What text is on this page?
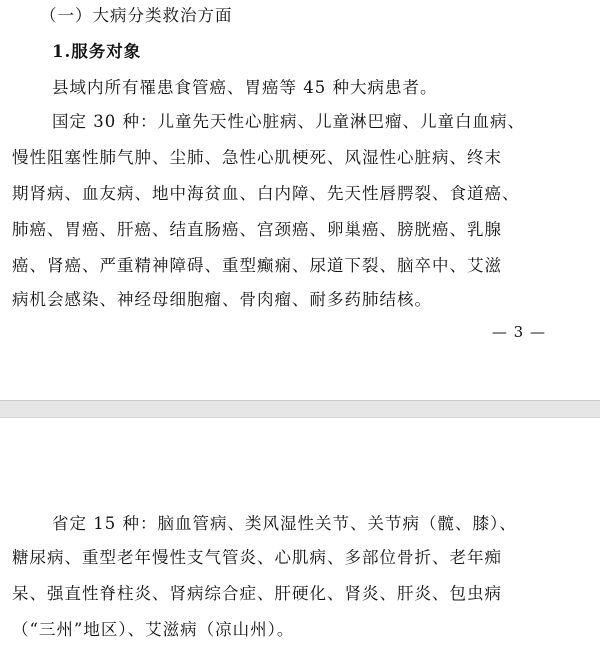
（一）大病分类救治方面
1.服务对象
县域内所有罹患食管癌、胃癌等 45 种大病患者。
国定 30 种：儿童先天性心脏病、儿童淋巴瘤、儿童白血病、
慢性阻塞性肺气肿、尘肺、急性心肌梗死、风湿性心脏病、终末
期肾病、血友病、地中海贫血、白内障、先天性唇腭裂、食道癌、
肺癌、胃癌、肝癌、结直肠癌、宫颈癌、卵巢癌、膀胱癌、乳腺
癌、肾癌、严重精神障碍、重型癫痫、尿道下裂、脑卒中、艾滋
病机会感染、神经母细胞瘤、骨肉瘤、耐多药肺结核。
— 3 —
省定 15 种：脑血管病、类风湿性关节、关节病（髋、膝）、
糖尿病、重型老年慢性支气管炎、心肌病、多部位骨折、老年痴
呆、强直性脊柱炎、肾病综合症、肝硬化、肾炎、肝炎、包虫病
（“三州”地区）、艾滋病（凉山州）。
